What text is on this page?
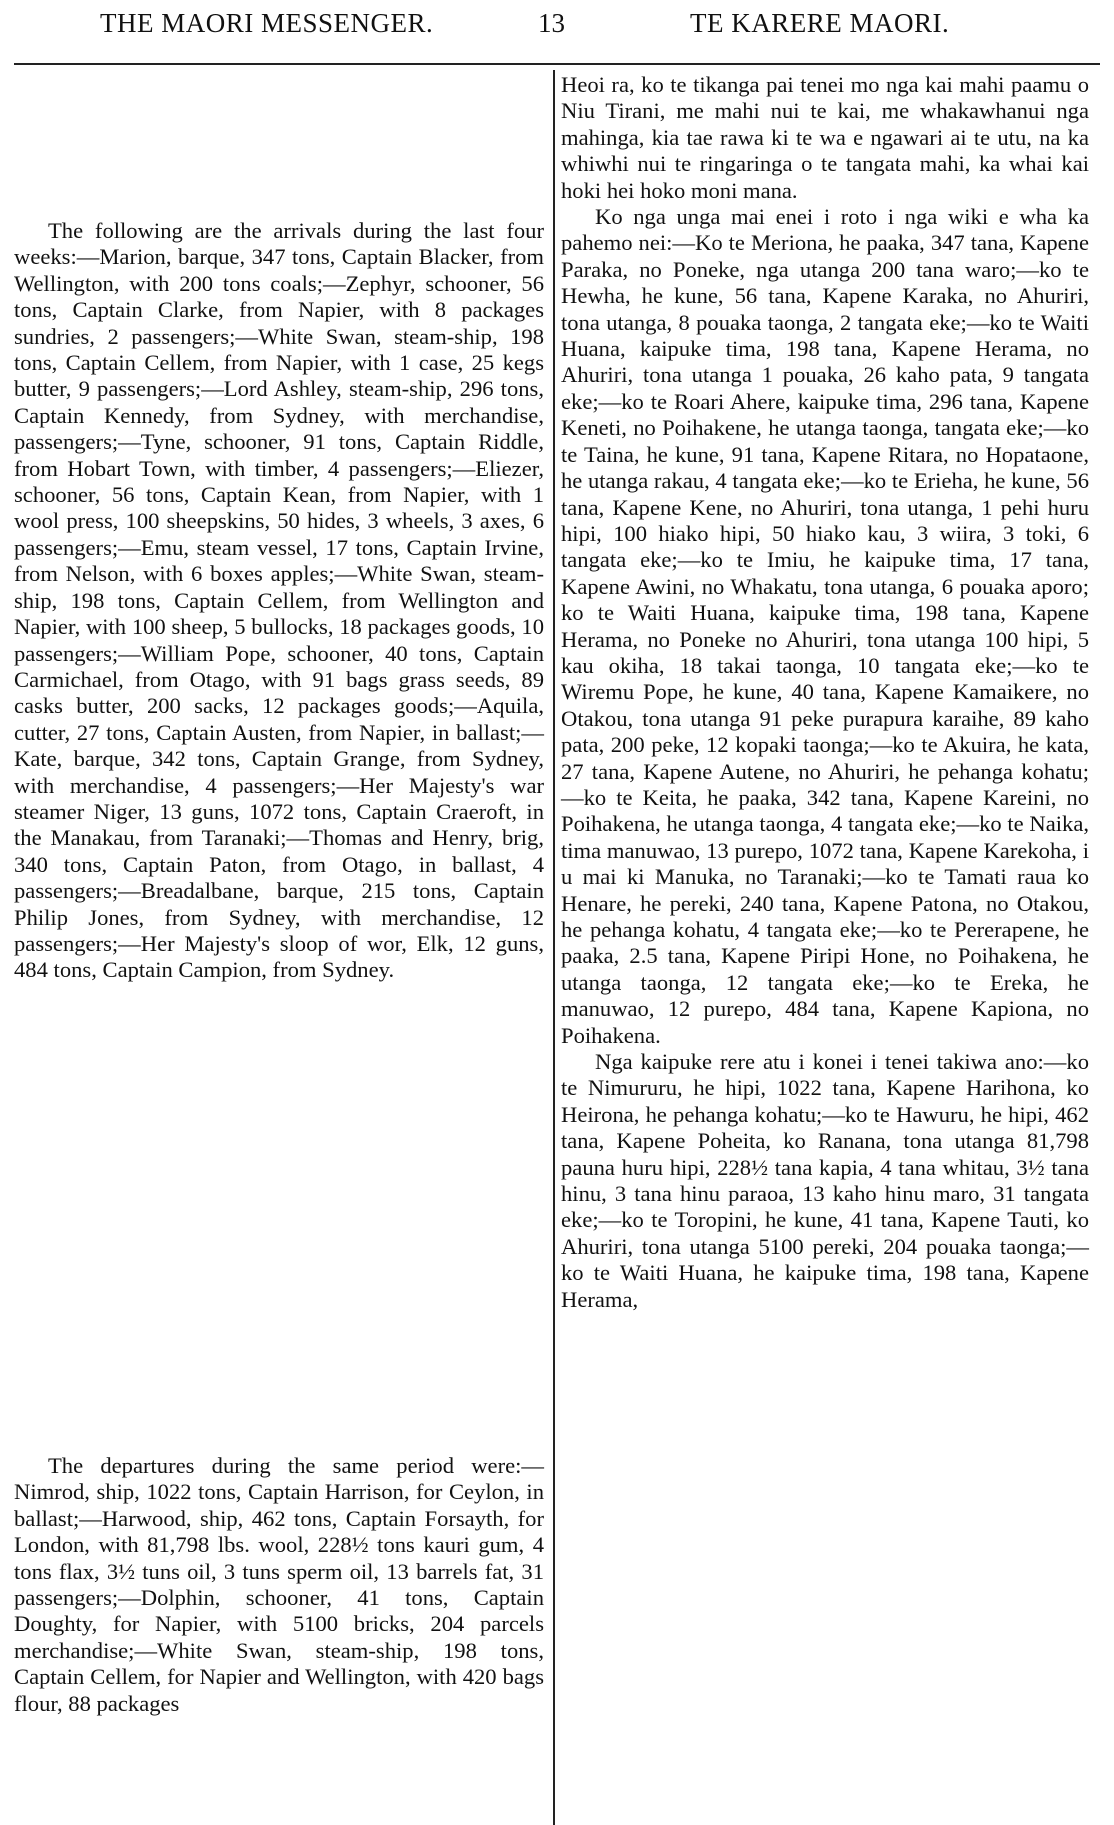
THE MAORI MESSENGER.	13	TE KARERE MAORI.

The following are the arrivals during the last four weeks:—Marion, barque, 347 tons, Captain Blacker, from Wellington, with 200 tons coals;—Zephyr, schooner, 56 tons, Captain Clarke, from Napier, with 8 packages sundries, 2 passengers;—White Swan, steam-ship, 198 tons, Captain Cellem, from Napier, with 1 case, 25 kegs butter, 9 passengers;—Lord Ashley, steam-ship, 296 tons, Captain Kennedy, from Sydney, with merchandise, passengers;—Tyne, schooner, 91 tons, Captain Riddle, from Hobart Town, with timber, 4 passengers;—Eliezer, schooner, 56 tons, Captain Kean, from Napier, with 1 wool press, 100 sheepskins, 50 hides, 3 wheels, 3 axes, 6 passengers;—Emu, steam vessel, 17 tons, Captain Irvine, from Nelson, with 6 boxes apples;—White Swan, steam-ship, 198 tons, Captain Cellem, from Wellington and Napier, with 100 sheep, 5 bullocks, 18 packages goods, 10 passengers;—William Pope, schooner, 40 tons, Captain Carmichael, from Otago, with 91 bags grass seeds, 89 casks butter, 200 sacks, 12 packages goods;—Aquila, cutter, 27 tons, Captain Austen, from Napier, in ballast;—Kate, barque, 342 tons, Captain Grange, from Sydney, with merchandise, 4 passengers;—Her Majesty's war steamer Niger, 13 guns, 1072 tons, Captain Craeroft, in the Manakau, from Taranaki;—Thomas and Henry, brig, 340 tons, Captain Paton, from Otago, in ballast, 4 passengers;—Breadalbane, barque, 215 tons, Captain Philip Jones, from Sydney, with merchandise, 12 passengers;—Her Majesty's sloop of wor, Elk, 12 guns, 484 tons, Captain Campion, from Sydney.

The departures during the same period were:—Nimrod, ship, 1022 tons, Captain Harrison, for Ceylon, in ballast;—Harwood, ship, 462 tons, Captain Forsayth, for London, with 81,798 lbs. wool, 228½ tons kauri gum, 4 tons flax, 3½ tuns oil, 3 tuns sperm oil, 13 barrels fat, 31 passengers;—Dolphin, schooner, 41 tons, Captain Doughty, for Napier, with 5100 bricks, 204 parcels merchandise;—White Swan, steam-ship, 198 tons, Captain Cellem, for Napier and Wellington, with 420 bags flour, 88 packages

Heoi ra, ko te tikanga pai tenei mo nga kai mahi paamu o Niu Tirani, me mahi nui te kai, me whakawhanui nga mahinga, kia tae rawa ki te wa e ngawari ai te utu, na ka whiwhi nui te ringaringa o te tangata mahi, ka whai kai hoki hei hoko moni mana.

Ko nga unga mai enei i roto i nga wiki e wha ka pahemo nei:—Ko te Meriona, he paaka, 347 tana, Kapene Paraka, no Poneke, nga utanga 200 tana waro;—ko te Hewha, he kune, 56 tana, Kapene Karaka, no Ahuriri, tona utanga, 8 pouaka taonga, 2 tangata eke;—ko te Waiti Huana, kaipuke tima, 198 tana, Kapene Herama, no Ahuriri, tona utanga 1 pouaka, 26 kaho pata, 9 tangata eke;—ko te Roari Ahere, kaipuke tima, 296 tana, Kapene Keneti, no Poihakene, he utanga taonga, tangata eke;—ko te Taina, he kune, 91 tana, Kapene Ritara, no Hopataone, he utanga rakau, 4 tangata eke;—ko te Erieha, he kune, 56 tana, Kapene Kene, no Ahuriri, tona utanga, 1 pehi huru hipi, 100 hiako hipi, 50 hiako kau, 3 wiira, 3 toki, 6 tangata eke;—ko te Imiu, he kaipuke tima, 17 tana, Kapene Awini, no Whakatu, tona utanga, 6 pouaka aporo; ko te Waiti Huana, kaipuke tima, 198 tana, Kapene Herama, no Poneke no Ahuriri, tona utanga 100 hipi, 5 kau okiha, 18 takai taonga, 10 tangata eke;—ko te Wiremu Pope, he kune, 40 tana, Kapene Kamaikere, no Otakou, tona utanga 91 peke purapura karaihe, 89 kaho pata, 200 peke, 12 kopaki taonga;—ko te Akuira, he kata, 27 tana, Kapene Autene, no Ahuriri, he pehanga kohatu;—ko te Keita, he paaka, 342 tana, Kapene Kareini, no Poihakena, he utanga taonga, 4 tangata eke;—ko te Naika, tima manuwao, 13 purepo, 1072 tana, Kapene Karekoha, i u mai ki Manuka, no Taranaki;—ko te Tamati raua ko Henare, he pereki, 240 tana, Kapene Patona, no Otakou, he pehanga kohatu, 4 tangata eke;—ko te Pererapene, he paaka, 2.5 tana, Kapene Piripi Hone, no Poihakena, he utanga taonga, 12 tangata eke;—ko te Ereka, he manuwao, 12 purepo, 484 tana, Kapene Kapiona, no Poihakena.

Nga kaipuke rere atu i konei i tenei takiwa ano:—ko te Nimururu, he hipi, 1022 tana, Kapene Harihona, ko Heirona, he pehanga kohatu;—ko te Hawuru, he hipi, 462 tana, Kapene Poheita, ko Ranana, tona utanga 81,798 pauna huru hipi, 228½ tana kapia, 4 tana whitau, 3½ tana hinu, 3 tana hinu paraoa, 13 kaho hinu maro, 31 tangata eke;—ko te Toropini, he kune, 41 tana, Kapene Tauti, ko Ahuriri, tona utanga 5100 pereki, 204 pouaka taonga;—ko te Waiti Huana, he kaipuke tima, 198 tana, Kapene Herama,
